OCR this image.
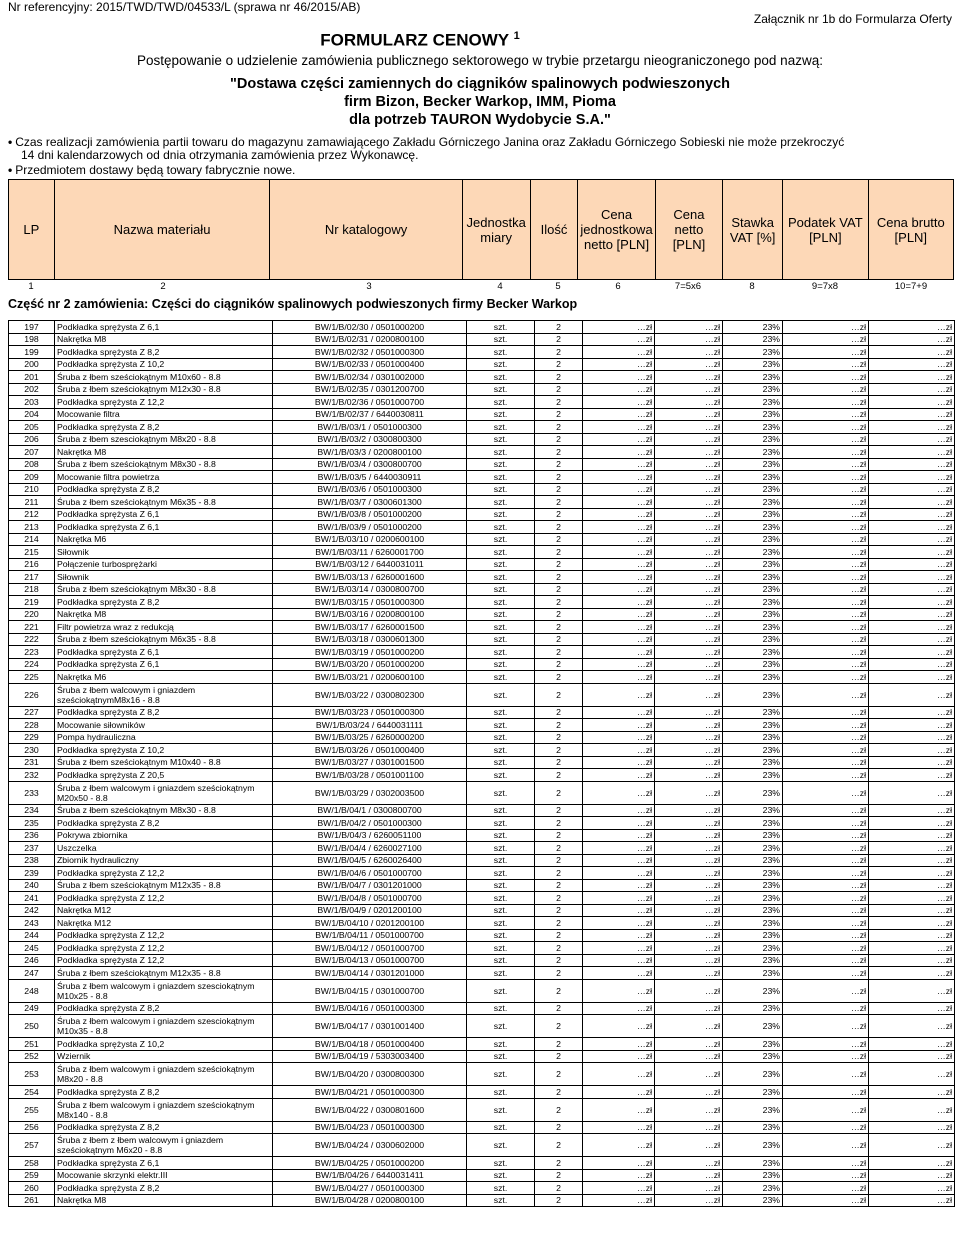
Nr referencyjny: 2015/TWD/TWD/04533/L (sprawa nr 46/2015/AB)
Załącznik nr 1b do Formularza Oferty
FORMULARZ CENOWY $^1$
Postępowanie o udzielenie zamówienia publicznego sektorowego w trybie przetargu nieograniczonego pod nazwą:
"Dostawa części zamiennych do ciągników spalinowych podwieszonych
firm Bizon, Becker Warkop, IMM, Pioma
dla potrzeb TAURON Wydobycie S.A."
• Czas realizacji zamówienia partii towaru do magazynu zamawiającego Zakładu Górniczego Janina oraz Zakładu Górniczego Sobieski nie może przekroczyć
14 dni kalendarzowych od dnia otrzymania zamówienia przez Wykonawcę.
• Przedmiotem dostawy będą towary fabrycznie nowe.
LP	Nazwa materiału	Nr katalogowy	Jednostka miary	Ilość	Cena jednostkowa netto [PLN]	Cena netto [PLN]	Stawka VAT [%]	Podatek VAT [PLN]	Cena brutto [PLN]
1	2	3	4	5	6	7=5x6	8	9=7x8	10=7+9
Część nr 2 zamówienia: Części do ciągników spalinowych podwieszonych firmy Becker Warkop
197	Podkładka sprężysta Z 6,1	BW/1/B/02/30 / 0501000200	szt.	2	…zł	…zł	23%	…zł	…zł
198	Nakrętka M8	BW/1/B/02/31 / 0200800100	szt.	2	…zł	…zł	23%	…zł	…zł
199	Podkładka sprężysta Z 8,2	BW/1/B/02/32 / 0501000300	szt.	2	…zł	…zł	23%	…zł	…zł
200	Podkładka sprężysta Z 10,2	BW/1/B/02/33 / 0501000400	szt.	2	…zł	…zł	23%	…zł	…zł
201	Śruba z łbem sześciokątnym M10x60 - 8.8	BW/1/B/02/34 / 0301002000	szt.	2	…zł	…zł	23%	…zł	…zł
202	Śruba z łbem sześciokątnym M12x30 - 8.8	BW/1/B/02/35 / 0301200700	szt.	2	…zł	…zł	23%	…zł	…zł
203	Podkładka sprężysta Z 12,2	BW/1/B/02/36 / 0501000700	szt.	2	…zł	…zł	23%	…zł	…zł
204	Mocowanie filtra	BW/1/B/02/37 / 6440030811	szt.	2	…zł	…zł	23%	…zł	…zł
205	Podkładka sprężysta Z 8,2	BW/1/B/03/1 / 0501000300	szt.	2	…zł	…zł	23%	…zł	…zł
206	Śruba z łbem szesciokątnym M8x20 - 8.8	BW/1/B/03/2 / 0300800300	szt.	2	…zł	…zł	23%	…zł	…zł
207	Nakrętka M8	BW/1/B/03/3 / 0200800100	szt.	2	…zł	…zł	23%	…zł	…zł
208	Śruba z łbem sześciokątnym M8x30 - 8.8	BW/1/B/03/4 / 0300800700	szt.	2	…zł	…zł	23%	…zł	…zł
209	Mocowanie filtra powietrza	BW/1/B/03/5 / 6440030911	szt.	2	…zł	…zł	23%	…zł	…zł
210	Podkładka sprężysta Z 8,2	BW/1/B/03/6 / 0501000300	szt.	2	…zł	…zł	23%	…zł	…zł
211	Śruba z łbem sześciokątnym M6x35 - 8.8	BW/1/B/03/7 / 0300601300	szt.	2	…zł	…zł	23%	…zł	…zł
212	Podkładka sprężysta Z 6,1	BW/1/B/03/8 / 0501000200	szt.	2	…zł	…zł	23%	…zł	…zł
213	Podkładka sprężysta Z 6,1	BW/1/B/03/9 / 0501000200	szt.	2	…zł	…zł	23%	…zł	…zł
214	Nakrętka M6	BW/1/B/03/10 / 0200600100	szt.	2	…zł	…zł	23%	…zł	…zł
215	Siłownik	BW/1/B/03/11 / 6260001700	szt.	2	…zł	…zł	23%	…zł	…zł
216	Połączenie turbosprężarki	BW/1/B/03/12 / 6440031011	szt.	2	…zł	…zł	23%	…zł	…zł
217	Siłownik	BW/1/B/03/13 / 6260001600	szt.	2	…zł	…zł	23%	…zł	…zł
218	Śruba z łbem sześciokątnym M8x30 - 8.8	BW/1/B/03/14 / 0300800700	szt.	2	…zł	…zł	23%	…zł	…zł
219	Podkładka sprężysta Z 8,2	BW/1/B/03/15 / 0501000300	szt.	2	…zł	…zł	23%	…zł	…zł
220	Nakrętka M8	BW/1/B/03/16 / 0200800100	szt.	2	…zł	…zł	23%	…zł	…zł
221	Filtr powietrza wraz z redukcją	BW/1/B/03/17 / 6260001500	szt.	2	…zł	…zł	23%	…zł	…zł
222	Śruba z łbem sześciokątnym M6x35 - 8.8	BW/1/B/03/18 / 0300601300	szt.	2	…zł	…zł	23%	…zł	…zł
223	Podkładka sprężysta Z 6,1	BW/1/B/03/19 / 0501000200	szt.	2	…zł	…zł	23%	…zł	…zł
224	Podkładka sprężysta Z 6,1	BW/1/B/03/20 / 0501000200	szt.	2	…zł	…zł	23%	…zł	…zł
225	Nakrętka M6	BW/1/B/03/21 / 0200600100	szt.	2	…zł	…zł	23%	…zł	…zł
226	Śruba z łbem walcowym i gniazdem sześciokątnymM8x16 - 8.8	BW/1/B/03/22 / 0300802300	szt.	2	…zł	…zł	23%	…zł	…zł
227	Podkładka sprężysta Z 8,2	BW/1/B/03/23 / 0501000300	szt.	2	…zł	…zł	23%	…zł	…zł
228	Mocowanie siłowników	BW/1/B/03/24 / 6440031111	szt.	2	…zł	…zł	23%	…zł	…zł
229	Pompa hydrauliczna	BW/1/B/03/25 / 6260000200	szt.	2	…zł	…zł	23%	…zł	…zł
230	Podkładka sprężysta Z 10,2	BW/1/B/03/26 / 0501000400	szt.	2	…zł	…zł	23%	…zł	…zł
231	Śruba z łbem sześciokątnym M10x40 - 8.8	BW/1/B/03/27 / 0301001500	szt.	2	…zł	…zł	23%	…zł	…zł
232	Podkładka sprężysta Z 20,5	BW/1/B/03/28 / 0501001100	szt.	2	…zł	…zł	23%	…zł	…zł
233	Śruba z łbem walcowym i gniazdem sześciokątnym M20x50 - 8.8	BW/1/B/03/29 / 0302003500	szt.	2	…zł	…zł	23%	…zł	…zł
234	Śruba z łbem sześciokątnym M8x30 - 8.8	BW/1/B/04/1 / 0300800700	szt.	2	…zł	…zł	23%	…zł	…zł
235	Podkładka sprężysta Z 8,2	BW/1/B/04/2 / 0501000300	szt.	2	…zł	…zł	23%	…zł	…zł
236	Pokrywa zbiornika	BW/1/B/04/3 / 6260051100	szt.	2	…zł	…zł	23%	…zł	…zł
237	Uszczelka	BW/1/B/04/4 / 6260027100	szt.	2	…zł	…zł	23%	…zł	…zł
238	Zbiornik hydrauliczny	BW/1/B/04/5 / 6260026400	szt.	2	…zł	…zł	23%	…zł	…zł
239	Podkładka sprężysta Z 12,2	BW/1/B/04/6 / 0501000700	szt.	2	…zł	…zł	23%	…zł	…zł
240	Śruba z łbem sześciokątnym M12x35 - 8.8	BW/1/B/04/7 / 0301201000	szt.	2	…zł	…zł	23%	…zł	…zł
241	Podkładka sprężysta Z 12,2	BW/1/B/04/8 / 0501000700	szt.	2	…zł	…zł	23%	…zł	…zł
242	Nakrętka M12	BW/1/B/04/9 / 0201200100	szt.	2	…zł	…zł	23%	…zł	…zł
243	Nakrętka M12	BW/1/B/04/10 / 0201200100	szt.	2	…zł	…zł	23%	…zł	…zł
244	Podkładka sprężysta Z 12,2	BW/1/B/04/11 / 0501000700	szt.	2	…zł	…zł	23%	…zł	…zł
245	Podkładka sprężysta Z 12,2	BW/1/B/04/12 / 0501000700	szt.	2	…zł	…zł	23%	…zł	…zł
246	Podkładka sprężysta Z 12,2	BW/1/B/04/13 / 0501000700	szt.	2	…zł	…zł	23%	…zł	…zł
247	Śruba z łbem sześciokątnym M12x35 - 8.8	BW/1/B/04/14 / 0301201000	szt.	2	…zł	…zł	23%	…zł	…zł
248	Śruba z łbem walcowym i gniazdem szesciokątnym M10x25 - 8.8	BW/1/B/04/15 / 0301000700	szt.	2	…zł	…zł	23%	…zł	…zł
249	Podkładka sprężysta Z 8,2	BW/1/B/04/16 / 0501000300	szt.	2	…zł	…zł	23%	…zł	…zł
250	Śruba z łbem walcowym i gniazdem szesciokątnym M10x35 - 8.8	BW/1/B/04/17 / 0301001400	szt.	2	…zł	…zł	23%	…zł	…zł
251	Podkładka sprężysta Z 10,2	BW/1/B/04/18 / 0501000400	szt.	2	…zł	…zł	23%	…zł	…zł
252	Wziernik	BW/1/B/04/19 / 5303003400	szt.	2	…zł	…zł	23%	…zł	…zł
253	Śruba z łbem walcowym i gniazdem sześciokątnym M8x20 - 8.8	BW/1/B/04/20 / 0300800300	szt.	2	…zł	…zł	23%	…zł	…zł
254	Podkładka sprężysta Z 8,2	BW/1/B/04/21 / 0501000300	szt.	2	…zł	…zł	23%	…zł	…zł
255	Śruba z łbem walcowym i gniazdem sześciokątnym M8x140 - 8.8	BW/1/B/04/22 / 0300801600	szt.	2	…zł	…zł	23%	…zł	…zł
256	Podkładka sprężysta Z 8,2	BW/1/B/04/23 / 0501000300	szt.	2	…zł	…zł	23%	…zł	…zł
257	Śruba z łbem z łbem walcowym i gniazdem sześciokątnym M6x20 - 8.8	BW/1/B/04/24 / 0300602000	szt.	2	…zł	…zł	23%	…zł	…zł
258	Podkładka sprężysta Z 6,1	BW/1/B/04/25 / 0501000200	szt.	2	…zł	…zł	23%	…zł	…zł
259	Mocowanie skrzynki elektr.III	BW/1/B/04/26 / 6440031411	szt.	2	…zł	…zł	23%	…zł	…zł
260	Podkładka sprężysta Z 8,2	BW/1/B/04/27 / 0501000300	szt.	2	…zł	…zł	23%	…zł	…zł
261	Nakrętka M8	BW/1/B/04/28 / 0200800100	szt.	2	…zł	…zł	23%	…zł	…zł
